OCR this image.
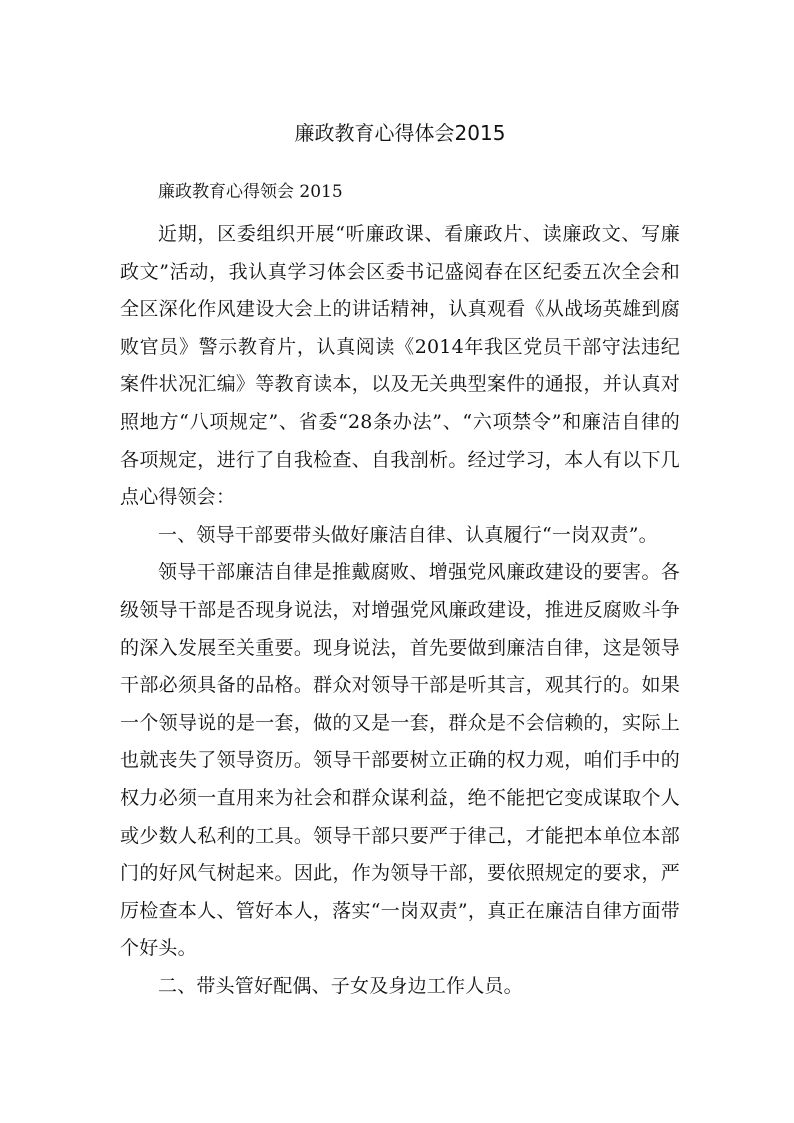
廉政教育心得体会2015

廉政教育心得领会 2015

近期，区委组织开展“听廉政课、看廉政片、读廉政文、写廉政文”活动，我认真学习体会区委书记盛阅春在区纪委五次全会和全区深化作风建设大会上的讲话精神，认真观看《从战场英雄到腐败官员》警示教育片，认真阅读《2014年我区党员干部守法违纪案件状况汇编》等教育读本，以及无关典型案件的通报，并认真对照地方“八项规定”、省委“28条办法”、“六项禁令”和廉洁自律的各项规定，进行了自我检查、自我剖析。经过学习，本人有以下几点心得领会：

一、领导干部要带头做好廉洁自律、认真履行“一岗双责”。

领导干部廉洁自律是推戴腐败、增强党风廉政建设的要害。各级领导干部是否现身说法，对增强党风廉政建设，推进反腐败斗争的深入发展至关重要。现身说法，首先要做到廉洁自律，这是领导干部必须具备的品格。群众对领导干部是听其言，观其行的。如果一个领导说的是一套，做的又是一套，群众是不会信赖的，实际上也就丧失了领导资历。领导干部要树立正确的权力观，咱们手中的权力必须一直用来为社会和群众谋利益，绝不能把它变成谋取个人或少数人私利的工具。领导干部只要严于律己，才能把本单位本部门的好风气树起来。因此，作为领导干部，要依照规定的要求，严厉检查本人、管好本人，落实“一岗双责”，真正在廉洁自律方面带个好头。

二、带头管好配偶、子女及身边工作人员。
